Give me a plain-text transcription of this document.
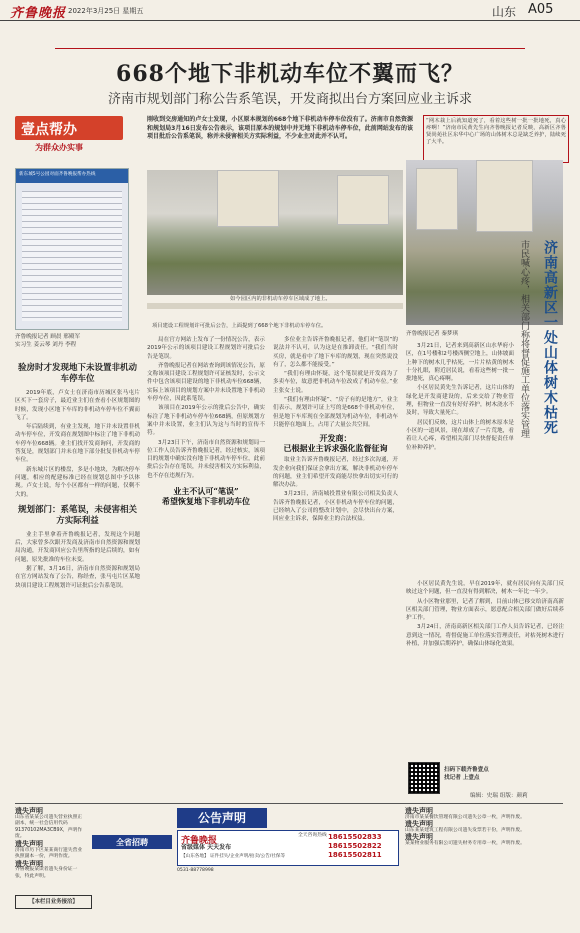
齐鲁晚报 2022年3月25日 星期五	山东 A05
668个地下非机动车位不翼而飞？
济南市规划部门称公告系笔误，开发商拟出台方案回应业主诉求
“网木栽上后就知道死了，看着这些树一批一批地死，真心疼啊！”济南市民黄先生向齐鲁晚报记者反映，高新区齐鲁贤尚苑社区东华中心广场的山体树木总是缺乏养护，陆续死了大半。
壹点帮办
为群众办实事
新东城5号公园对面齐鲁晚报帮办热线
齐鲁晚报记者 顾晨 邢殿军
实习生 姜云琴 刘丹 李程
验房时才发现地下未设置非机动车停车位

2019年底，卢女士在济南市历城区张马屯片区买下一套房子，最近业主们在查看小区规划图的时候，发现小区地下车库的非机动车停车位不翼而飞了。

年后陆续到，有业主发现，地下并未设置非机动车停车位，开发商在规划图中标注了地下非机动车停车位668辆。业主们找开发商询问，开发商的答复是，规划部门并未在地下部分批复非机动车停车位。

新东城片区的楼盘，多是小地块，为解决停车问题，相应的配建标准已经在规划总图中予以体现。卢女士说，每个小区都有一样的问题，仅剩不大的。

规划部门：系笔误，未侵害相关方实际利益

业主手里拿着齐鲁晚报记者，发现这个问题后，大家曾多次跟开发商及济南市自然资源和规划局沟通，开发商回应公告里所指的是后续的，如有问题，原先批准的车位未变。

据了解，3月16日，济南市自然资源和规划局在官方网站发布了公告，称经查，张马屯片区某地块项目建设工程规划许可证批后公告系笔误。

刚收到交房通知的卢女士发现，小区原本规划的668个地下非机动车停车位没有了。济南市自然资源和规划局3月16日发布公告表示，该项目原本的规划中并无地下非机动车停车位，此前网站发布的该项目批后公告系笔误，称并未侵害相关方实际利益，不少业主对此并不认可。
如今园区内的非机动车停车区域成了地上。
项目建设工程规划许可批后公告，上面提到了668个地下非机动车停车位。

局在官方网站上发布了一份情况公告，表示2019年公示的该项目建设工程规划许可批后公告是笔误。

齐鲁晚报记者在网站查询到该情况公告，原文称该项目建设工程规划许可证核发时，公示文件中包含该项目建设的地下非机动车位668辆，实际上该项目的规划方案中并未设置地下非机动车停车位，因此系笔误。

该项目在2019年公示的批后公告中，确实标注了地下非机动车停车位668辆，但原规划方案中并未设置，业主们认为这与当时的宣传不符。

3月23日下午，济南市自然资源和规划局一位工作人员告诉齐鲁晚报记者，经过核实，该项目的规划中确实没有地下非机动车停车位，此前批后公告存在笔误，并未侵害相关方实际利益，也不存在违规行为。

业主不认可“笔误”
希望恢复地下非机动车位

多位业主告诉齐鲁晚报记者，他们对“笔误”的说法并不认可，认为这是在推卸责任。“我们当时买房，就是看中了地下车库的规划，现在突然说没有了，怎么都不能接受。”

“我们有理由怀疑，这个笔误就是开发商为了多卖车位，故意把非机动车位改成了机动车位。”业主张女士说。

“我们有理由怀疑”、“房子有的是地方”，业主们表示，规划许可证上写的是668个非机动车位，但是地下车库现在全部规划为机动车位，非机动车只能停在地面上，占用了大量公共空间。

开发商：
已根据业主诉求强化监督征询

取业主告诉齐鲁晚报记者，经过多次沟通，开发企业向我们保证会拿出方案，解决非机动车停车的问题，业主们希望开发商能尽快拿出切实可行的解决办法。

3月23日，济南城投置业有限公司相关负责人告诉齐鲁晚报记者，小区非机动车停车位的问题，已经纳入了公司的整改计划中，会尽快出台方案，回应业主诉求，保障业主的合法权益。

齐鲁晚报记者 秦梦琪	济南高新区一处山体树木枯死
市民喊心疼，相关部门称将督促施工单位落实管理

3月21日，记者来到高新区山水华府小区，在1号楼和2号楼西侧空地上，山体坡面上种下的树木几乎枯死，一片片枯黄的树木十分扎眼，附近居民说，看着这些树一批一批地死，真心疼啊。

小区居民黄先生告诉记者，这片山体的绿化是开发商建设的，后来交给了物业管理，但物业一直没有好好养护，树木浇水不及时，导致大量死亡。

居民们反映，这片山体上的树木原本是小区的一道风景，现在却成了一片荒地，看着让人心疼，希望相关部门尽快督促责任单位补种养护。

小区居民黄先生说，早在2019年，就有居民向有关部门反映过这个问题，但一直没有得到解决，树木一年比一年少。

从小区物业那里，记者了解到，目前山体已移交给济南高新区相关部门管理，物业方面表示，愿意配合相关部门做好后续养护工作。

3月24日，济南高新区相关部门工作人员告诉记者，已经注意到这一情况，将督促施工单位落实管理责任，对枯死树木进行补植，并加强后期养护，确保山体绿化效果。

扫码下载齐鲁壹点
找记者 上壹点
编辑：史瑞 组版：颜莉
遗失声明
山东省某某公司遗失营业执照正副本，统一社会信用代码91370102MA3CB9X，声明作废。
遗失声明
济南市历下区某某商行遗失营业执照副本一份，声明作废。
遗失声明
齐鲁晚报某读者遗失身份证一张，特此声明。
【本栏目业务接洽】
公告声明
齐鲁晚报
省级媒体 天天发布
【山东各地】 证件挂失/企业声明/拍卖/公告/社保等
全天咨询热线 18615502833
18615502822
18615502811
全省招聘
0531-88778998
遗失声明
济南市某某餐饮管理有限公司遗失公章一枚，声明作废。
遗失声明
山东某某建筑工程有限公司遗失发票若干份，声明作废。
遗失声明
某某物业服务有限公司遗失财务专用章一枚，声明作废。
